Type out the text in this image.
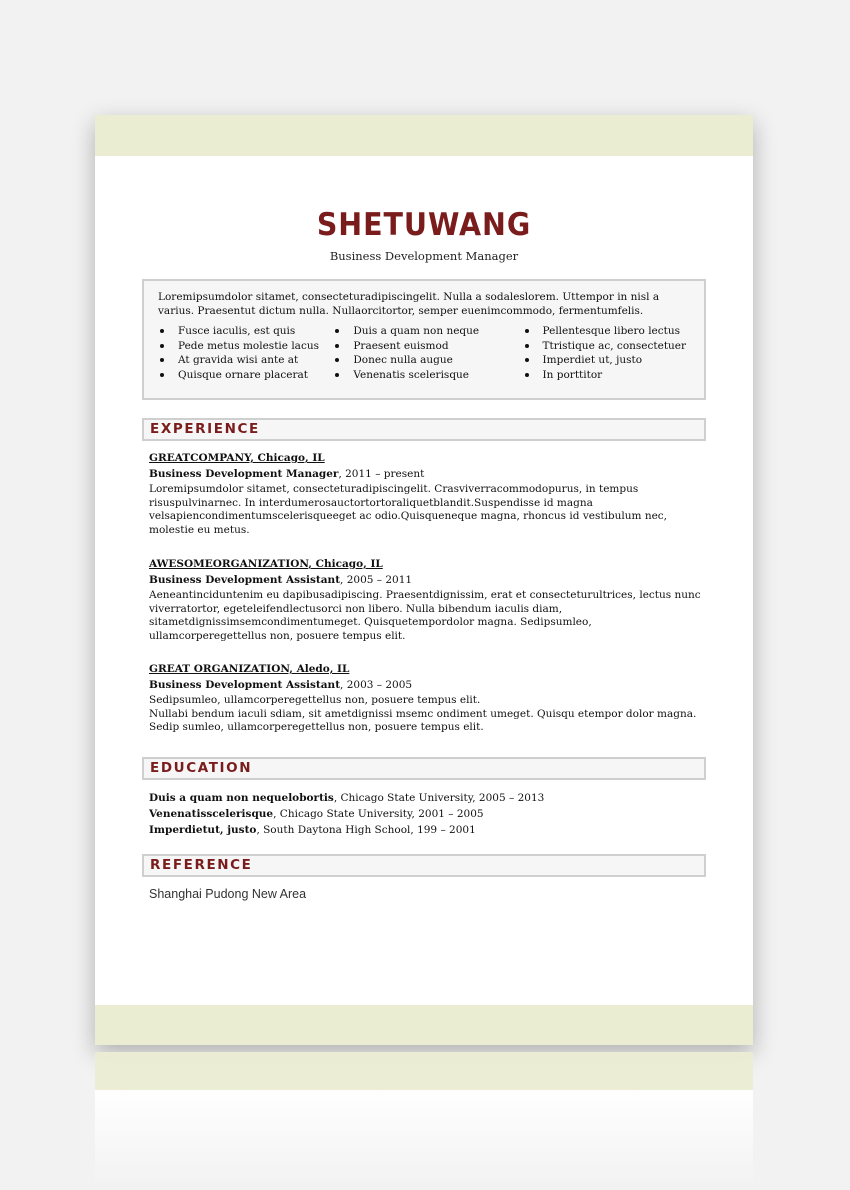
SHETUWANG
Business Development Manager

Loremipsumdolor sitamet, consecteturadipiscingelit. Nulla a sodaleslorem. Uttempor in nisl a varius. Praesentut dictum nulla. Nullaorcitortor, semper euenimcommodo, fermentumfelis.

Fusce iaculis, est quis
Pede metus molestie lacus
At gravida wisi ante at
Quisque ornare placerat
Duis a quam non neque
Praesent euismod
Donec nulla augue
Venenatis scelerisque
Pellentesque libero lectus
Ttristique ac, consectetuer
Imperdiet ut, justo
In porttitor
EXPERIENCE
GREATCOMPANY, Chicago, IL
Business Development Manager, 2011 – present
Loremipsumdolor sitamet, consecteturadipiscingelit. Crasviverracommodopurus, in tempus risuspulvinarnec. In interdumerosauctortortoraliquetblandit.Suspendisse id magna velsapiencondimentumscelerisqueeget ac odio.Quisqueneque magna, rhoncus id vestibulum nec, molestie eu metus.
AWESOMEORGANIZATION, Chicago, IL
Business Development Assistant, 2005 – 2011
Aeneantinciduntenim eu dapibusadipiscing. Praesentdignissim, erat et consecteturultrices, lectus nunc viverratortor, egeteleifendlectusorci non libero. Nulla bibendum iaculis diam, sitametdignissimsemcondimentumeget. Quisquetempordolor magna. Sedipsumleo, ullamcorperegettellus non, posuere tempus elit.
GREAT ORGANIZATION, Aledo, IL
Business Development Assistant, 2003 – 2005
Sedipsumleo, ullamcorperegettellus non, posuere tempus elit.
Nullabi bendum iaculi sdiam, sit ametdignissi msemc ondiment umeget. Quisqu etempor dolor magna. Sedip sumleo, ullamcorperegettellus non, posuere tempus elit.
EDUCATION
Duis a quam non nequelobortis, Chicago State University, 2005 – 2013
Venenatisscelerisque, Chicago State University, 2001 – 2005
Imperdietut, justo, South Daytona High School, 199 – 2001
REFERENCE
Shanghai Pudong New Area
